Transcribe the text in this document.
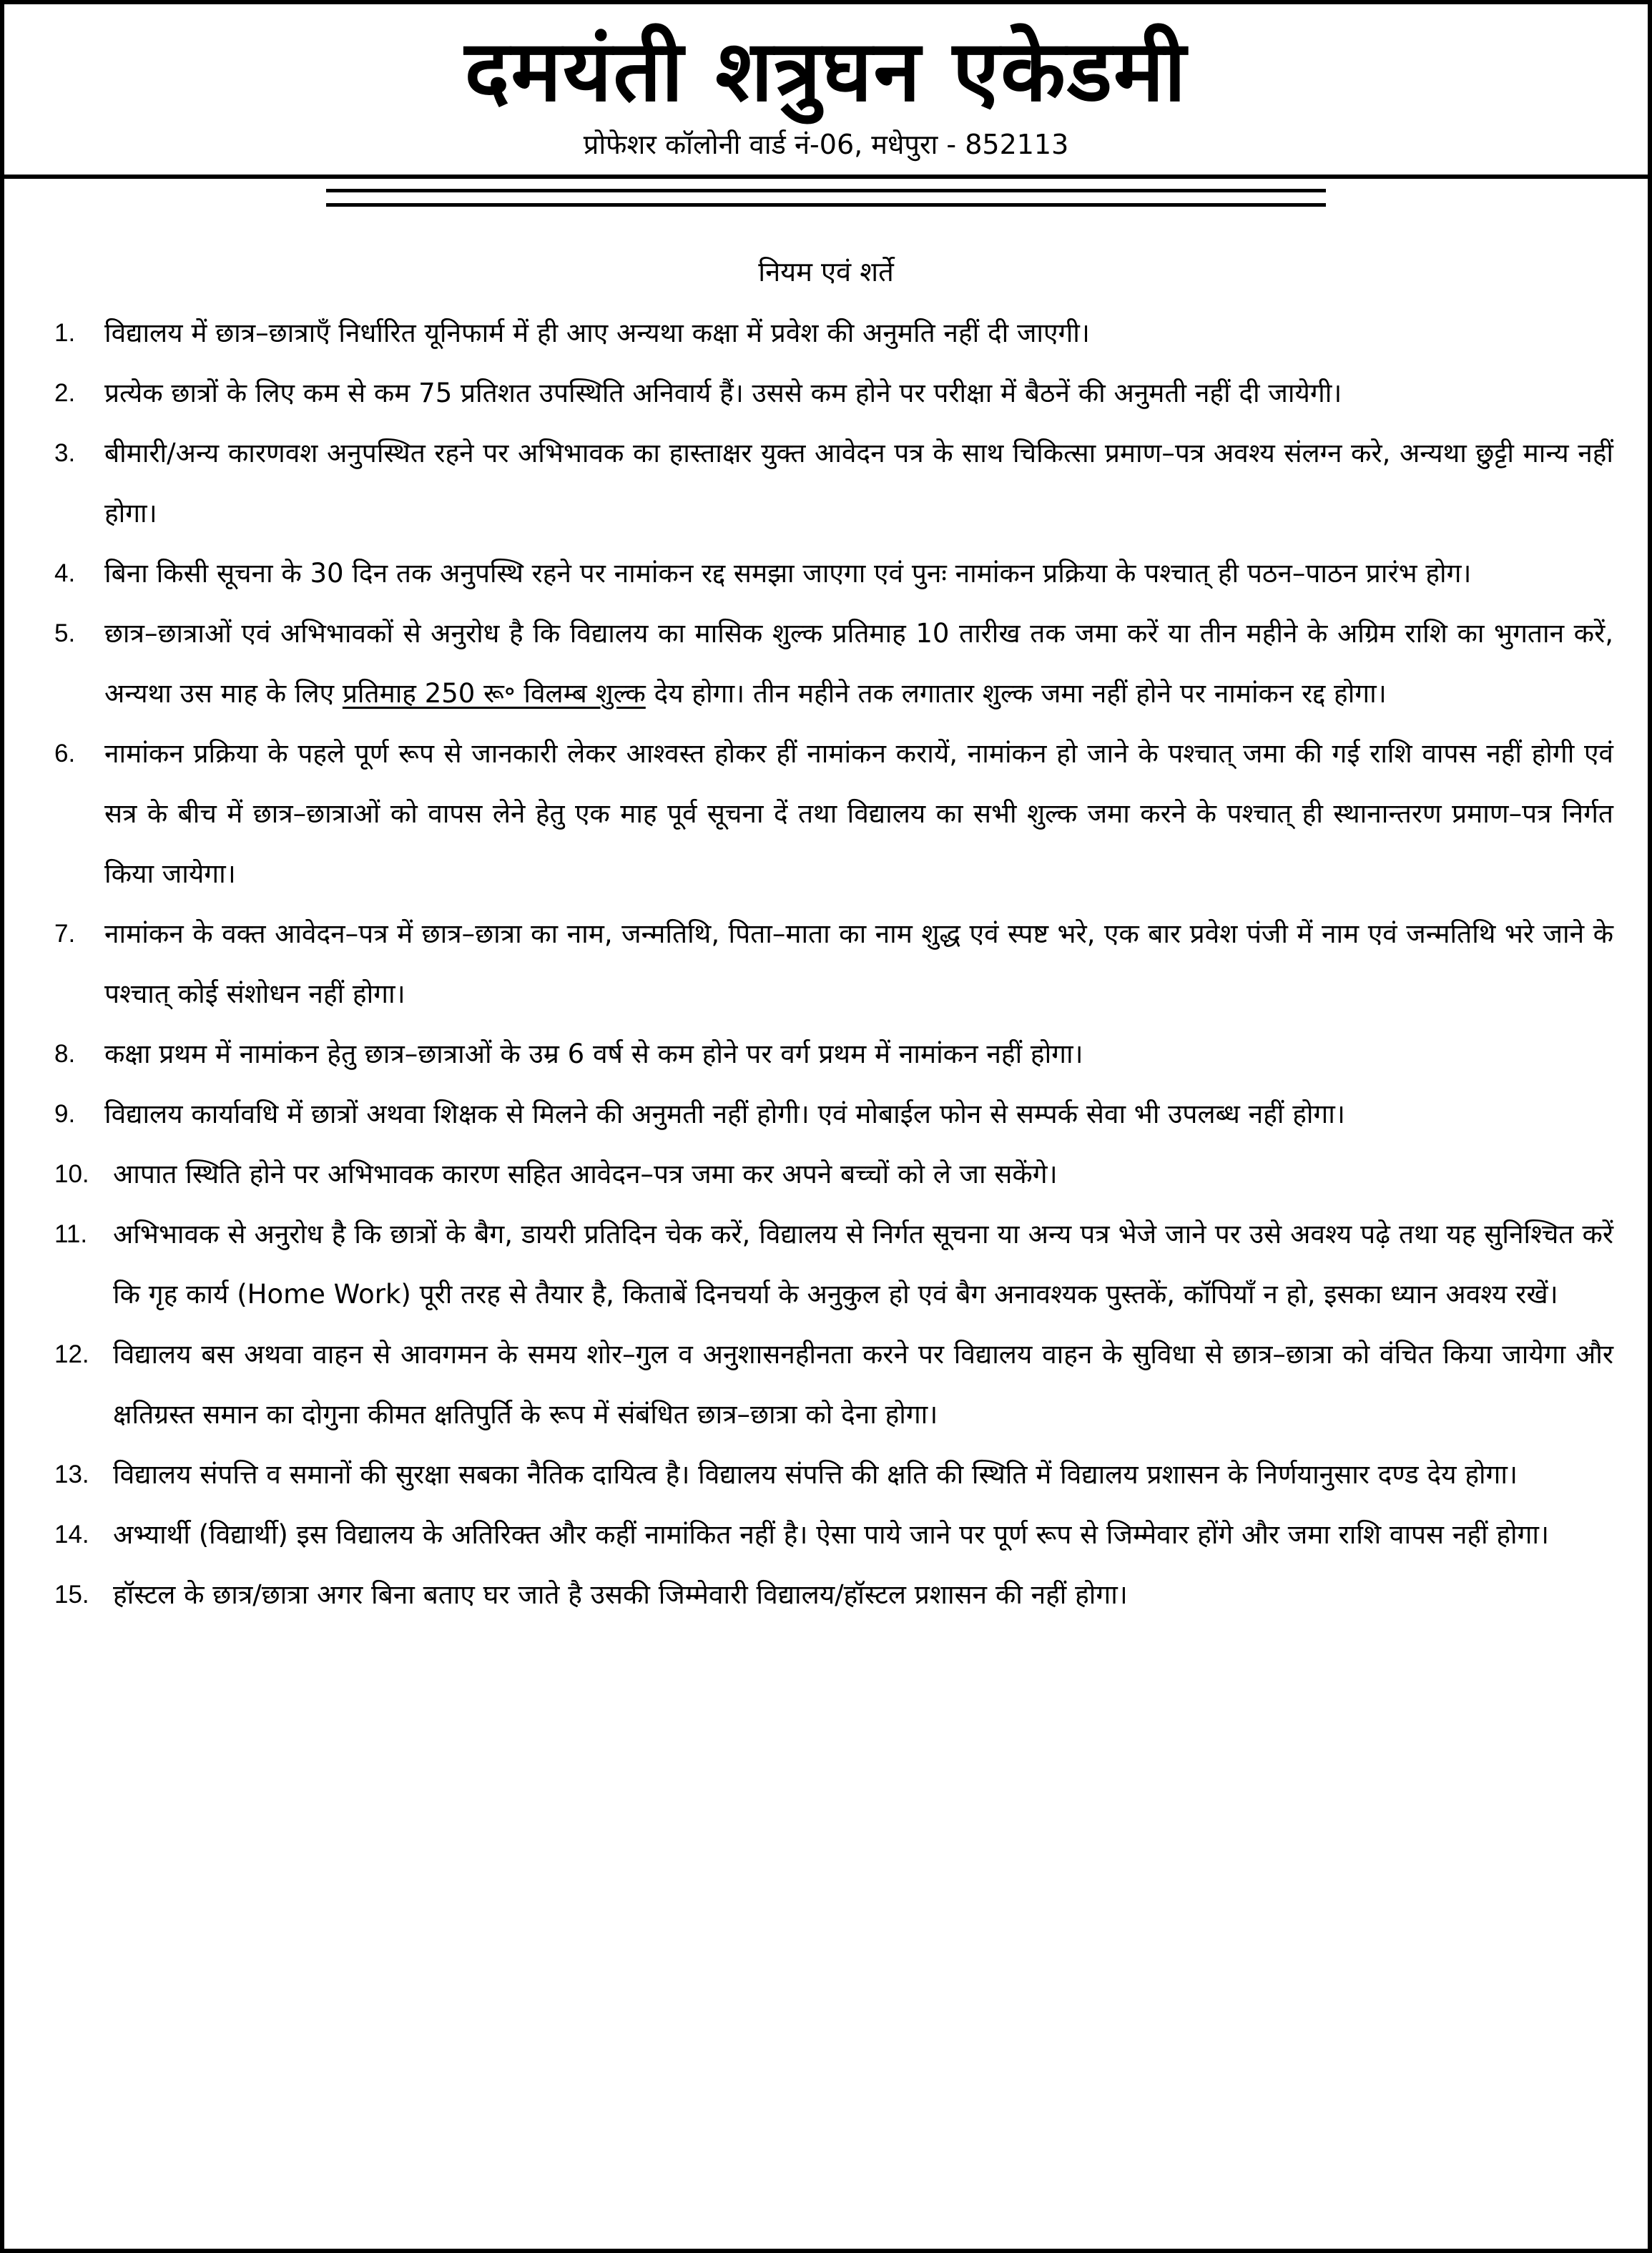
दमयंती शत्रुघन एकेडमी
प्रोफेशर कॉलोनी वार्ड नं-06, मधेपुरा - 852113
नियम एवं शर्ते
1. विद्यालय में छात्र–छात्राएँ निर्धारित यूनिफार्म में ही आए अन्यथा कक्षा में प्रवेश की अनुमति नहीं दी जाएगी।
2. प्रत्येक छात्रों के लिए कम से कम 75 प्रतिशत उपस्थिति अनिवार्य हैं। उससे कम होने पर परीक्षा में बैठनें की अनुमती नहीं दी जायेगी।
3. बीमारी/अन्य कारणवश अनुपस्थित रहने पर अभिभावक का हास्ताक्षर युक्त आवेदन पत्र के साथ चिकित्सा प्रमाण–पत्र अवश्य संलग्न करे, अन्यथा छुट्टी मान्य नहीं होगा।
4. बिना किसी सूचना के 30 दिन तक अनुपस्थि रहने पर नामांकन रद्द समझा जाएगा एवं पुनः नामांकन प्रक्रिया के पश्चात् ही पठन–पाठन प्रारंभ होग।
5. छात्र–छात्राओं एवं अभिभावकों से अनुरोध है कि विद्यालय का मासिक शुल्क प्रतिमाह 10 तारीख तक जमा करें या तीन महीने के अग्रिम राशि का भुगतान करें, अन्यथा उस माह के लिए प्रतिमाह 250 रू॰ विलम्ब शुल्क देय होगा। तीन महीने तक लगातार शुल्क जमा नहीं होने पर नामांकन रद्द होगा।
6. नामांकन प्रक्रिया के पहले पूर्ण रूप से जानकारी लेकर आश्वस्त होकर हीं नामांकन करायें, नामांकन हो जाने के पश्चात् जमा की गई राशि वापस नहीं होगी एवं सत्र के बीच में छात्र–छात्राओं को वापस लेने हेतु एक माह पूर्व सूचना दें तथा विद्यालय का सभी शुल्क जमा करने के पश्चात् ही स्थानान्तरण प्रमाण–पत्र निर्गत किया जायेगा।
7. नामांकन के वक्त आवेदन–पत्र में छात्र–छात्रा का नाम, जन्मतिथि, पिता–माता का नाम शुद्ध एवं स्पष्ट भरे, एक बार प्रवेश पंजी में नाम एवं जन्मतिथि भरे जाने के पश्चात् कोई संशोधन नहीं होगा।
8. कक्षा प्रथम में नामांकन हेतु छात्र–छात्राओं के उम्र 6 वर्ष से कम होने पर वर्ग प्रथम में नामांकन नहीं होगा।
9. विद्यालय कार्यावधि में छात्रों अथवा शिक्षक से मिलने की अनुमती नहीं होगी। एवं मोबाईल फोन से सम्पर्क सेवा भी उपलब्ध नहीं होगा।
10. आपात स्थिति होने पर अभिभावक कारण सहित आवेदन–पत्र जमा कर अपने बच्चों को ले जा सकेंगे।
11. अभिभावक से अनुरोध है कि छात्रों के बैग, डायरी प्रतिदिन चेक करें, विद्यालय से निर्गत सूचना या अन्य पत्र भेजे जाने पर उसे अवश्य पढ़े तथा यह सुनिश्चित करें कि गृह कार्य (Home Work) पूरी तरह से तैयार है, किताबें दिनचर्या के अनुकुल हो एवं बैग अनावश्यक पुस्तकें, कॉपियाँ न हो, इसका ध्यान अवश्य रखें।
12. विद्यालय बस अथवा वाहन से आवगमन के समय शोर–गुल व अनुशासनहीनता करने पर विद्यालय वाहन के सुविधा से छात्र–छात्रा को वंचित किया जायेगा और क्षतिग्रस्त समान का दोगुना कीमत क्षतिपुर्ति के रूप में संबंधित छात्र–छात्रा को देना होगा।
13. विद्यालय संपत्ति व समानों की सुरक्षा सबका नैतिक दायित्व है। विद्यालय संपत्ति की क्षति की स्थिति में विद्यालय प्रशासन के निर्णयानुसार दण्ड देय होगा।
14. अभ्यार्थी (विद्यार्थी) इस विद्यालय के अतिरिक्त और कहीं नामांकित नहीं है। ऐसा पाये जाने पर पूर्ण रूप से जिम्मेवार होंगे और जमा राशि वापस नहीं होगा।
15. हॉस्टल के छात्र/छात्रा अगर बिना बताए घर जाते है उसकी जिम्मेवारी विद्यालय/हॉस्टल प्रशासन की नहीं होगा।
